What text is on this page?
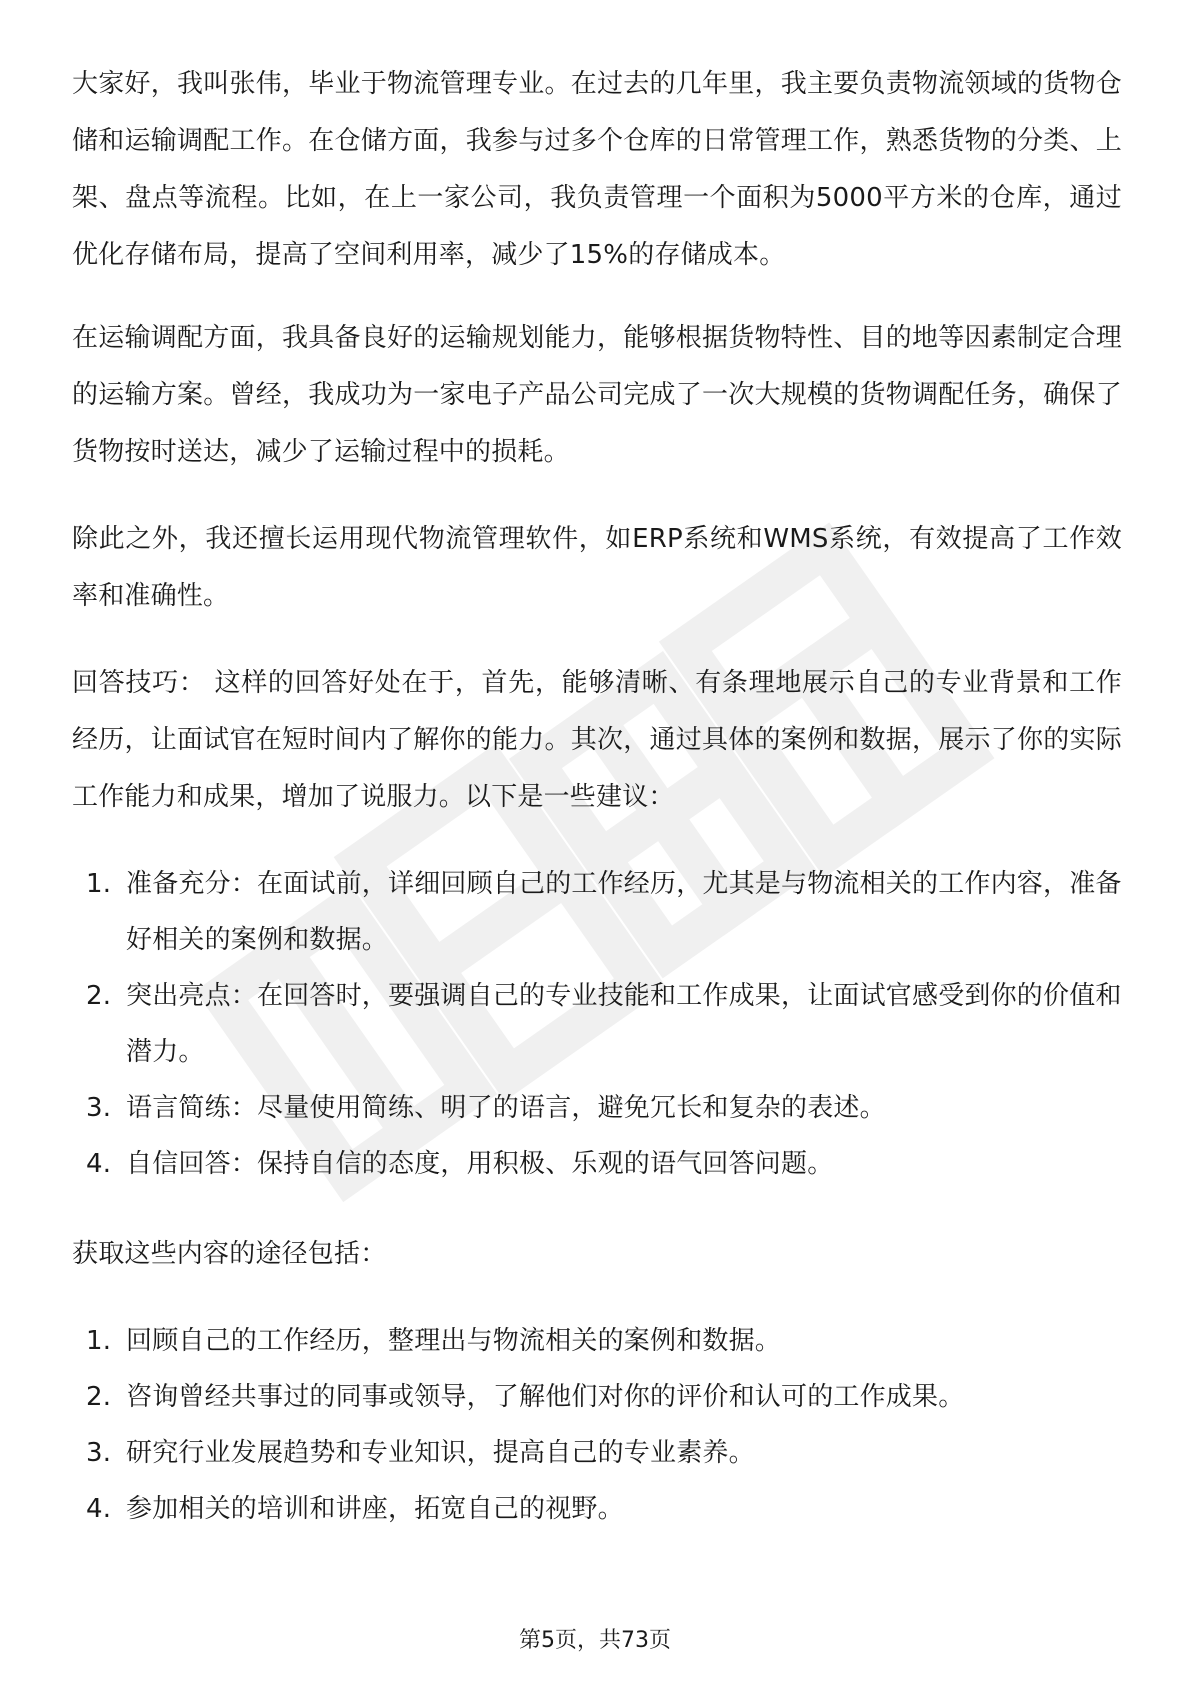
大家好，我叫张伟，毕业于物流管理专业。在过去的几年里，我主要负责物流领域的货物仓储和运输调配工作。在仓储方面，我参与过多个仓库的日常管理工作，熟悉货物的分类、上架、盘点等流程。比如，在上一家公司，我负责管理一个面积为5000平方米的仓库，通过优化存储布局，提高了空间利用率，减少了15%的存储成本。

在运输调配方面，我具备良好的运输规划能力，能够根据货物特性、目的地等因素制定合理的运输方案。曾经，我成功为一家电子产品公司完成了一次大规模的货物调配任务，确保了货物按时送达，减少了运输过程中的损耗。

除此之外，我还擅长运用现代物流管理软件，如ERP系统和WMS系统，有效提高了工作效率和准确性。

回答技巧： 这样的回答好处在于，首先，能够清晰、有条理地展示自己的专业背景和工作经历，让面试官在短时间内了解你的能力。其次，通过具体的案例和数据，展示了你的实际工作能力和成果，增加了说服力。以下是一些建议：

1. 准备充分：在面试前，详细回顾自己的工作经历，尤其是与物流相关的工作内容，准备好相关的案例和数据。
2. 突出亮点：在回答时，要强调自己的专业技能和工作成果，让面试官感受到你的价值和潜力。
3. 语言简练：尽量使用简练、明了的语言，避免冗长和复杂的表述。
4. 自信回答：保持自信的态度，用积极、乐观的语气回答问题。

获取这些内容的途径包括：

1. 回顾自己的工作经历，整理出与物流相关的案例和数据。
2. 咨询曾经共事过的同事或领导，了解他们对你的评价和认可的工作成果。
3. 研究行业发展趋势和专业知识，提高自己的专业素养。
4. 参加相关的培训和讲座，拓宽自己的视野。
第5页，共73页
